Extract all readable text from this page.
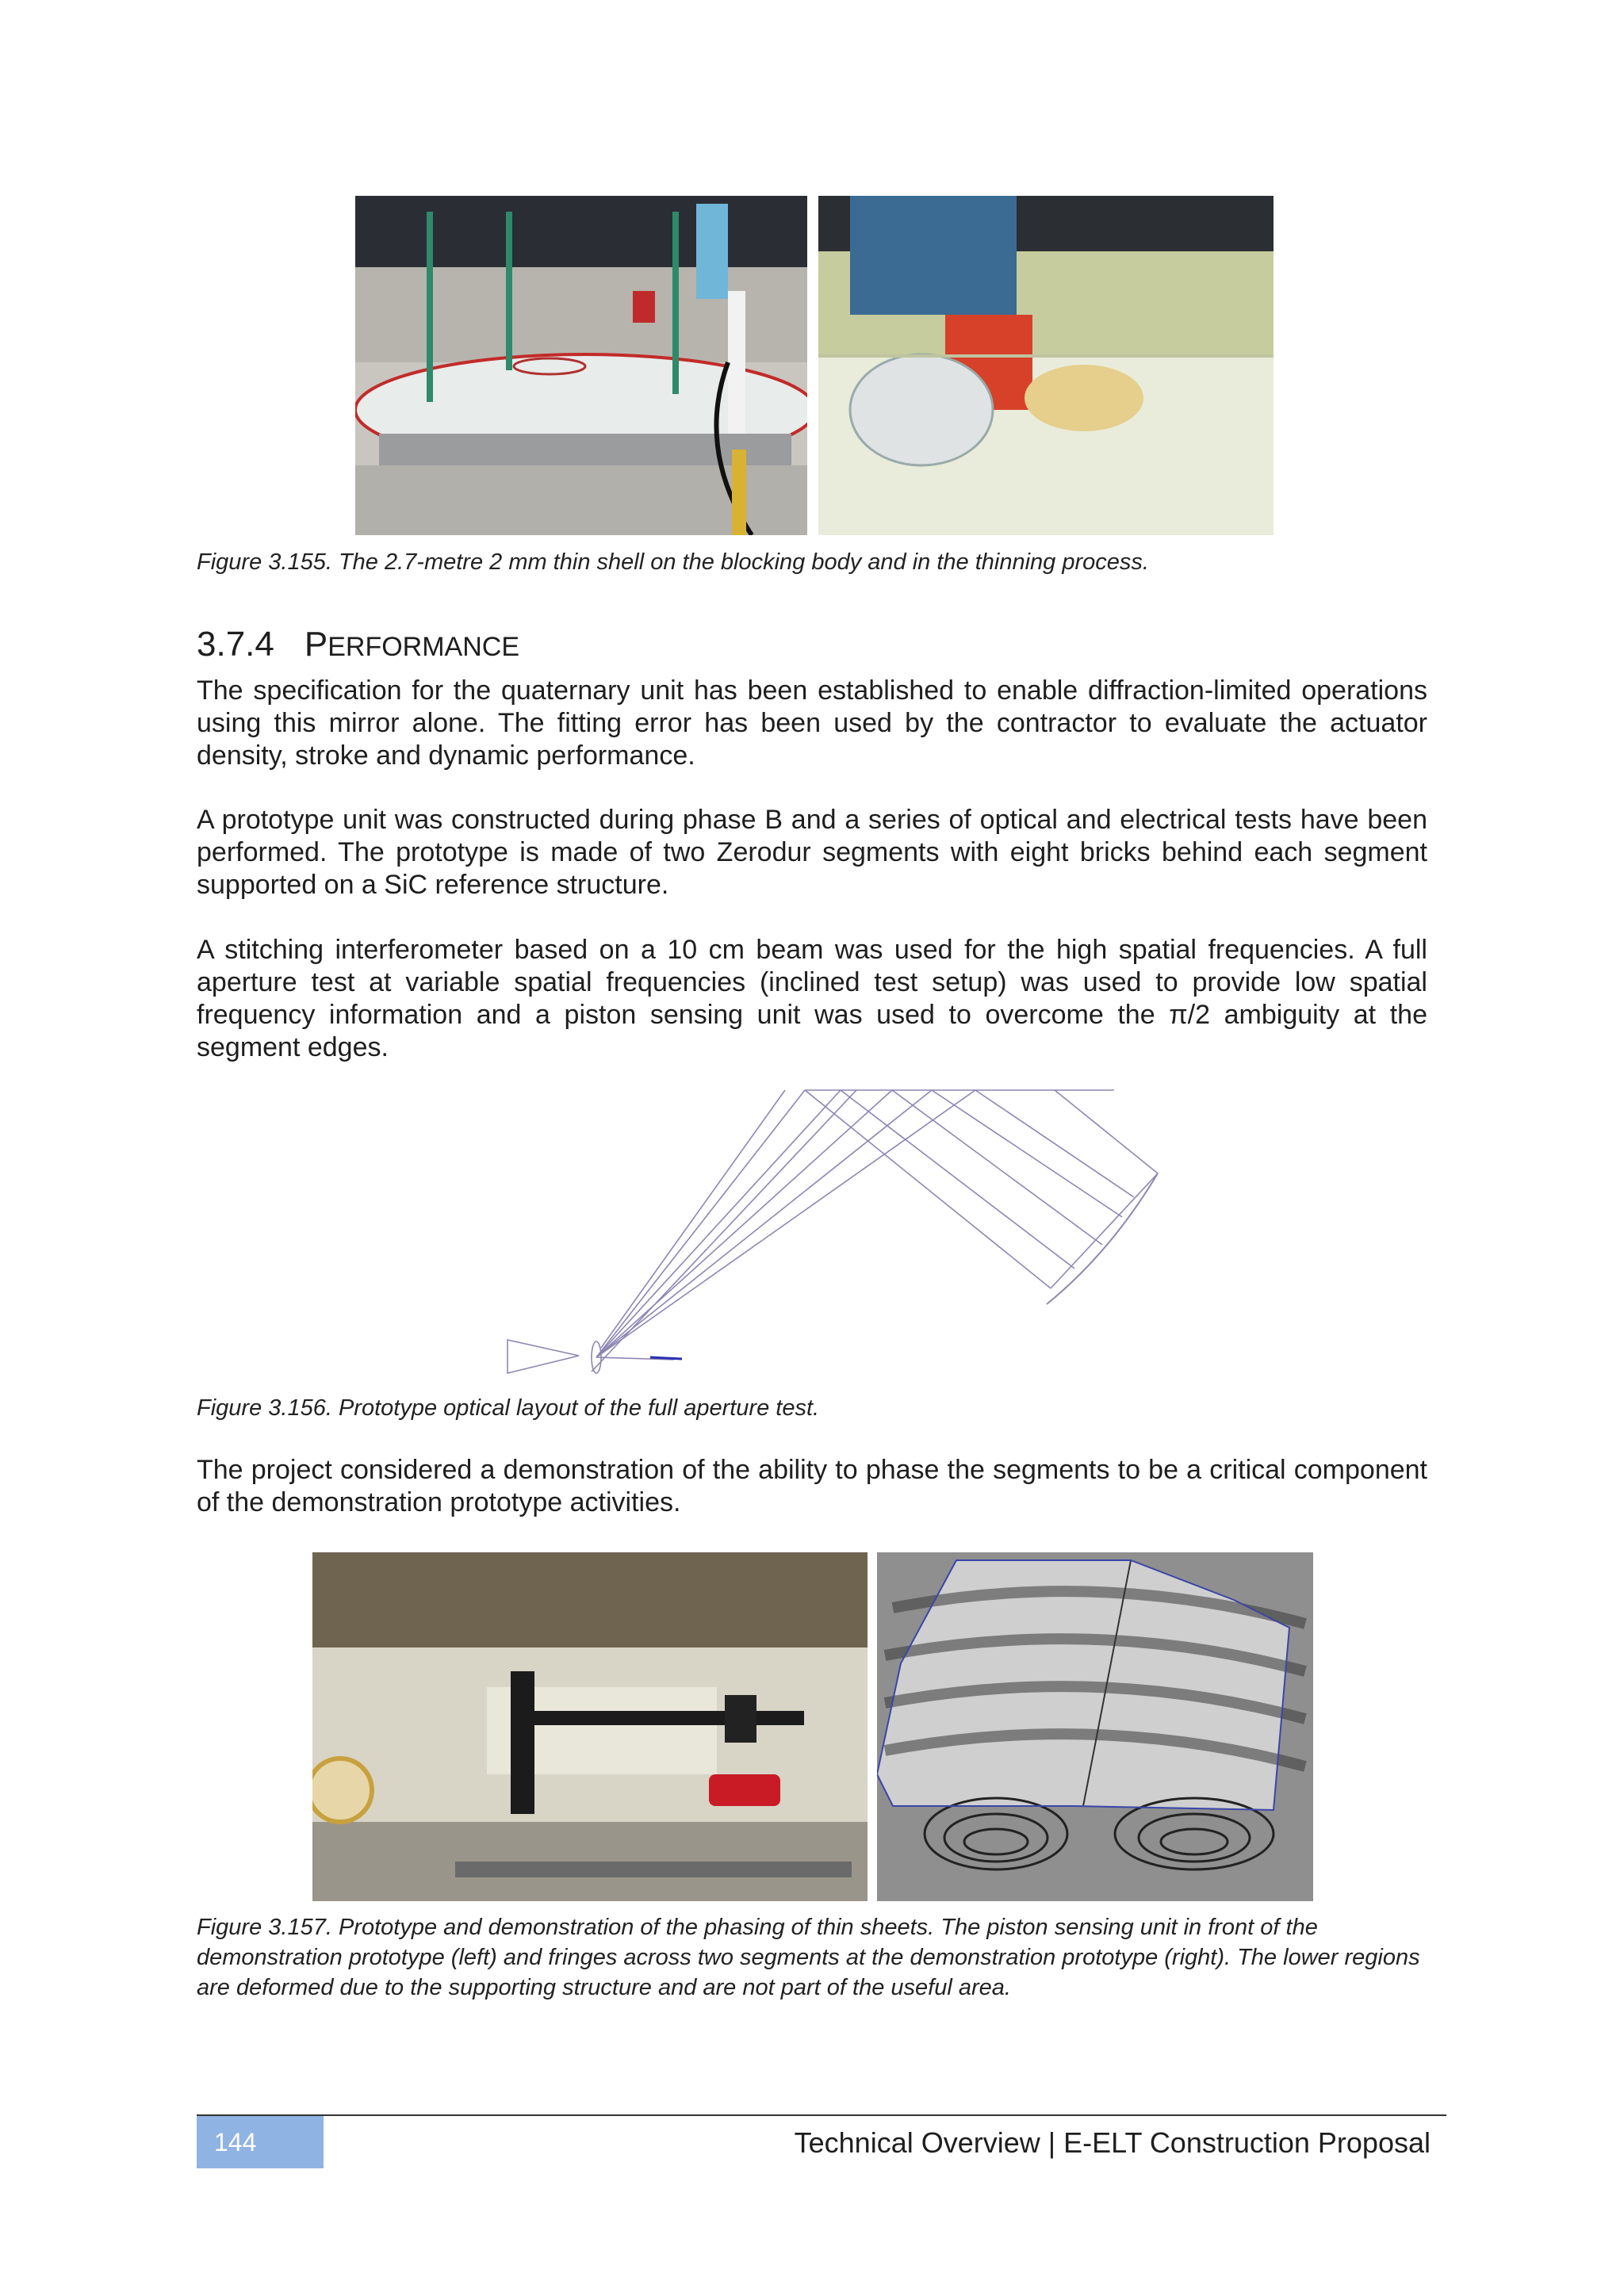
Figure 3.155. The 2.7-metre 2 mm thin shell on the blocking body and in the thinning process.
3.7.4 PERFORMANCE
The specification for the quaternary unit has been established to enable diffraction-limited operations using this mirror alone. The fitting error has been used by the contractor to evaluate the actuator density, stroke and dynamic performance.
A prototype unit was constructed during phase B and a series of optical and electrical tests have been performed. The prototype is made of two Zerodur segments with eight bricks behind each segment supported on a SiC reference structure.
A stitching interferometer based on a 10 cm beam was used for the high spatial frequencies. A full aperture test at variable spatial frequencies (inclined test setup) was used to provide low spatial frequency information and a piston sensing unit was used to overcome the π/2 ambiguity at the segment edges.
Figure 3.156. Prototype optical layout of the full aperture test.
The project considered a demonstration of the ability to phase the segments to be a critical component of the demonstration prototype activities.
Figure 3.157. Prototype and demonstration of the phasing of thin sheets. The piston sensing unit in front of the demonstration prototype (left) and fringes across two segments at the demonstration prototype (right). The lower regions are deformed due to the supporting structure and are not part of the useful area.
144	Technical Overview | E-ELT Construction Proposal
